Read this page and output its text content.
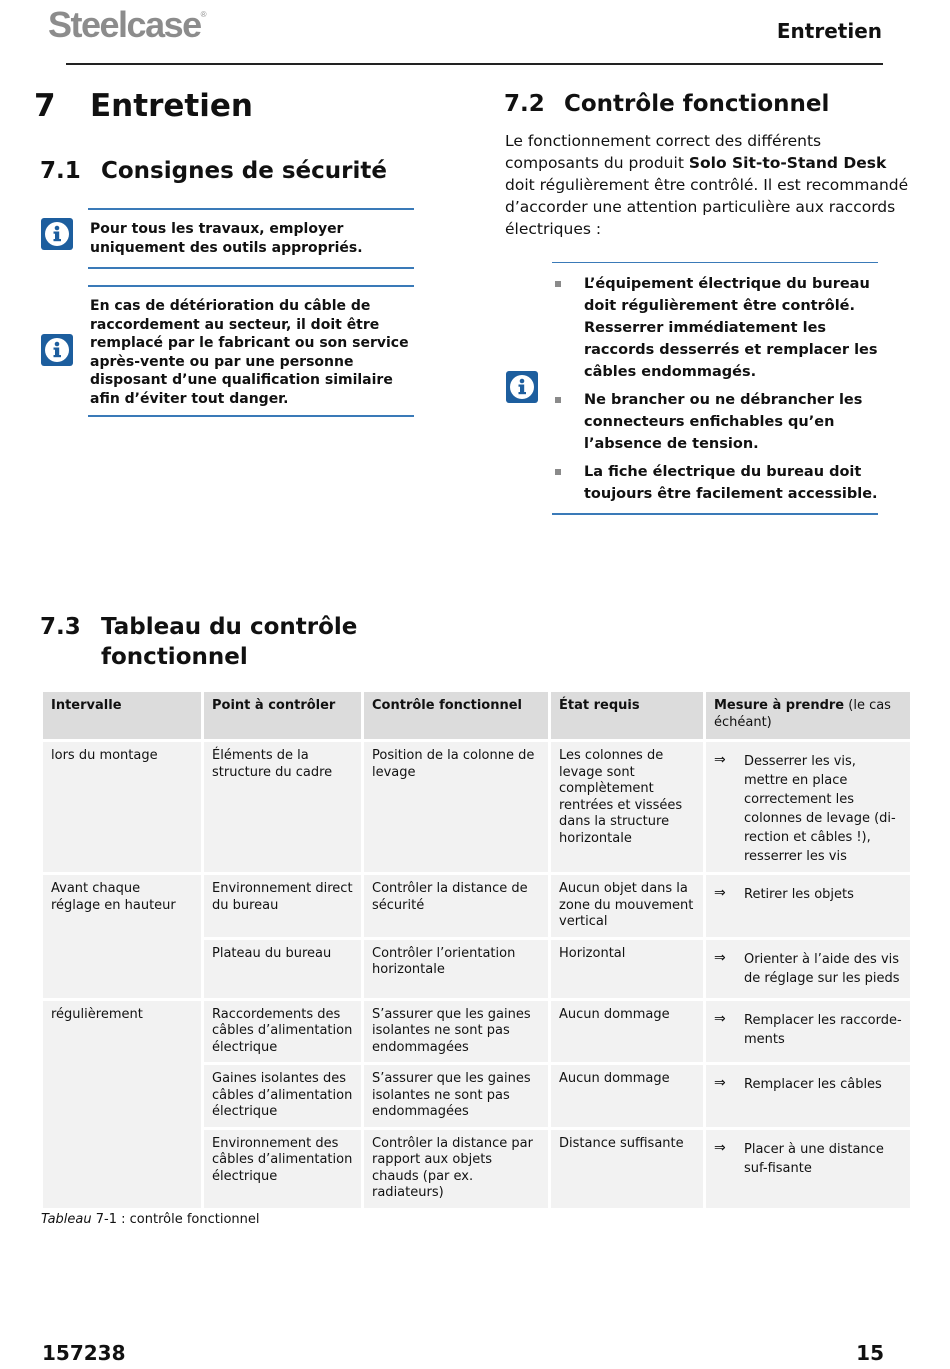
Steelcase®
Entretien
7 Entretien
7.1 Consignes de sécurité

Pour tous les travaux, employer uniquement des outils appropriés.

En cas de détérioration du câble de raccordement au secteur, il doit être remplacé par le fabricant ou son service après-vente ou par une personne disposant d’une qualification similaire afin d’éviter tout danger.

7.2 Contrôle fonctionnel
Le fonctionnement correct des différents composants du produit Solo Sit-to-Stand Desk doit régulièrement être contrôlé. Il est recommandé d’accorder une attention particulière aux raccords électriques :
L’équipement électrique du bureau doit régulièrement être contrôlé. Resserrer immédiatement les raccords desserrés et remplacer les câbles endommagés.
Ne brancher ou ne débrancher les connecteurs enfichables qu’en l’absence de tension.
La fiche électrique du bureau doit toujours être facilement accessible.
7.3 Tableau du contrôle
fonctionnel
Intervalle	Point à contrôler	Contrôle fonctionnel	État requis	Mesure à prendre (le cas échéant)
lors du montage	Éléments de la structure du cadre	Position de la colonne de levage	Les colonnes de levage sont complètement rentrées et vissées dans la structure horizontale	⇒ Desserrer les vis, mettre en place correctement les colonnes de levage (di-rection et câbles !), resserrer les vis

Avant chaque réglage en hauteur	Environnement direct du bureau	Contrôler la distance de sécurité	Aucun objet dans la zone du mouvement vertical	⇒ Retirer les objets

	Plateau du bureau	Contrôler l’orientation horizontale	Horizontal	⇒ Orienter à l’aide des vis de réglage sur les pieds

régulièrement	Raccordements des câbles d’alimentation électrique	S’assurer que les gaines isolantes ne sont pas endommagées	Aucun dommage	⇒ Remplacer les raccorde-ments

	Gaines isolantes des câbles d’alimentation électrique	S’assurer que les gaines isolantes ne sont pas endommagées	Aucun dommage	⇒ Remplacer les câbles

	Environnement des câbles d’alimentation électrique	Contrôler la distance par rapport aux objets chauds (par ex. radiateurs)	Distance suffisante	⇒ Placer à une distance suf-fisante
Tableau 7-1 : contrôle fonctionnel
157238	15
